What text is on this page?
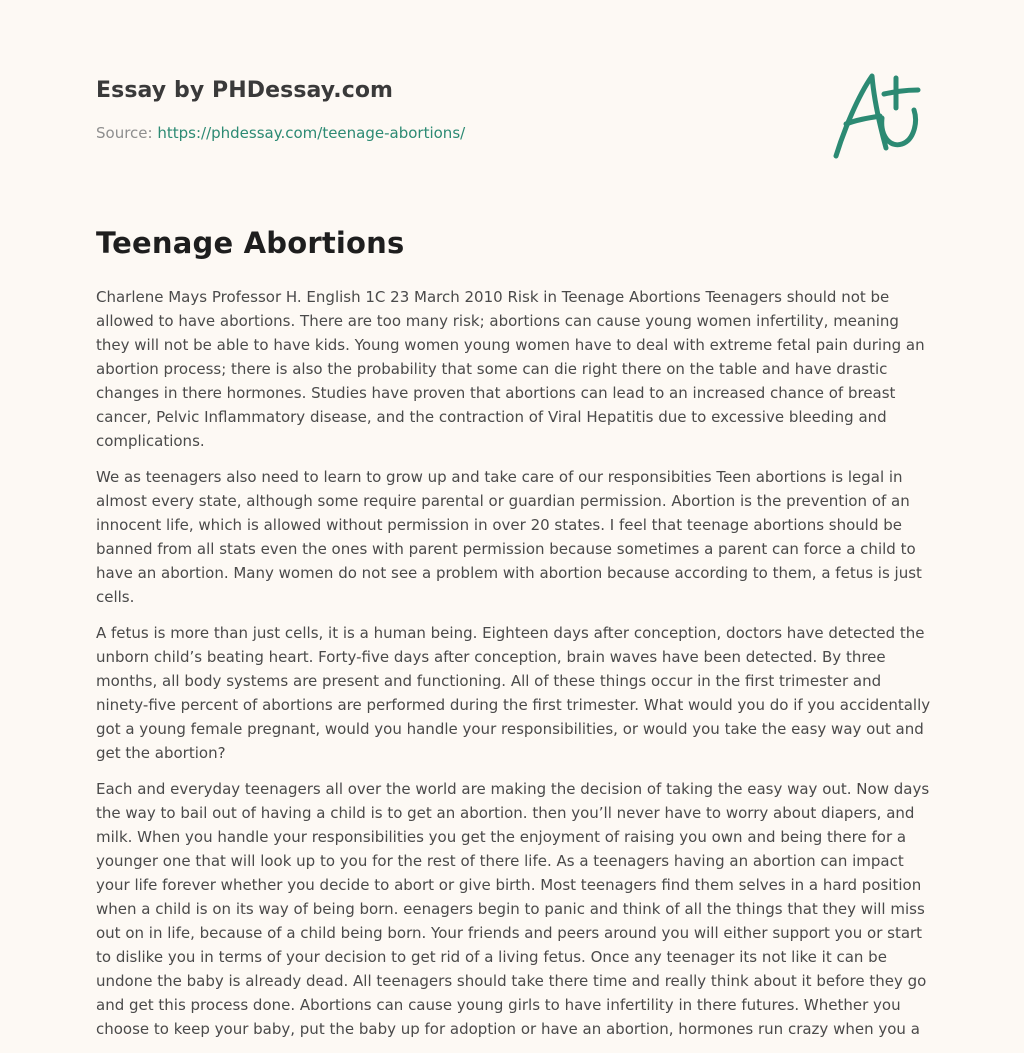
Essay by PHDessay.com
Source: https://phdessay.com/teenage-abortions/
Teenage Abortions

Charlene Mays Professor H. English 1C 23 March 2010 Risk in Teenage Abortions Teenagers should not be allowed to have abortions. There are too many risk; abortions can cause young women infertility, meaning they will not be able to have kids. Young women young women have to deal with extreme fetal pain during an abortion process; there is also the probability that some can die right there on the table and have drastic changes in there hormones. Studies have proven that abortions can lead to an increased chance of breast cancer, Pelvic Inflammatory disease, and the contraction of Viral Hepatitis due to excessive bleeding and complications.

We as teenagers also need to learn to grow up and take care of our responsibities Teen abortions is legal in almost every state, although some require parental or guardian permission. Abortion is the prevention of an innocent life, which is allowed without permission in over 20 states. I feel that teenage abortions should be banned from all stats even the ones with parent permission because sometimes a parent can force a child to have an abortion. Many women do not see a problem with abortion because according to them, a fetus is just cells.

A fetus is more than just cells, it is a human being. Eighteen days after conception, doctors have detected the unborn child’s beating heart. Forty-five days after conception, brain waves have been detected. By three months, all body systems are present and functioning. All of these things occur in the first trimester and ninety-five percent of abortions are performed during the first trimester. What would you do if you accidentally got a young female pregnant, would you handle your responsibilities, or would you take the easy way out and get the abortion?

Each and everyday teenagers all over the world are making the decision of taking the easy way out. Now days the way to bail out of having a child is to get an abortion. then you’ll never have to worry about diapers, and milk. When you handle your responsibilities you get the enjoyment of raising you own and being there for a younger one that will look up to you for the rest of there life. As a teenagers having an abortion can impact your life forever whether you decide to abort or give birth. Most teenagers find them selves in a hard position when a child is on its way of being born. eenagers begin to panic and think of all the things that they will miss out on in life, because of a child being born. Your friends and peers around you will either support you or start to dislike you in terms of your decision to get rid of a living fetus. Once any teenager its not like it can be undone the baby is already dead. All teenagers should take there time and really think about it before they go and get this process done. Abortions can cause young girls to have infertility in there futures. Whether you choose to keep your baby, put the baby up for adoption or have an abortion, hormones run crazy when you a
